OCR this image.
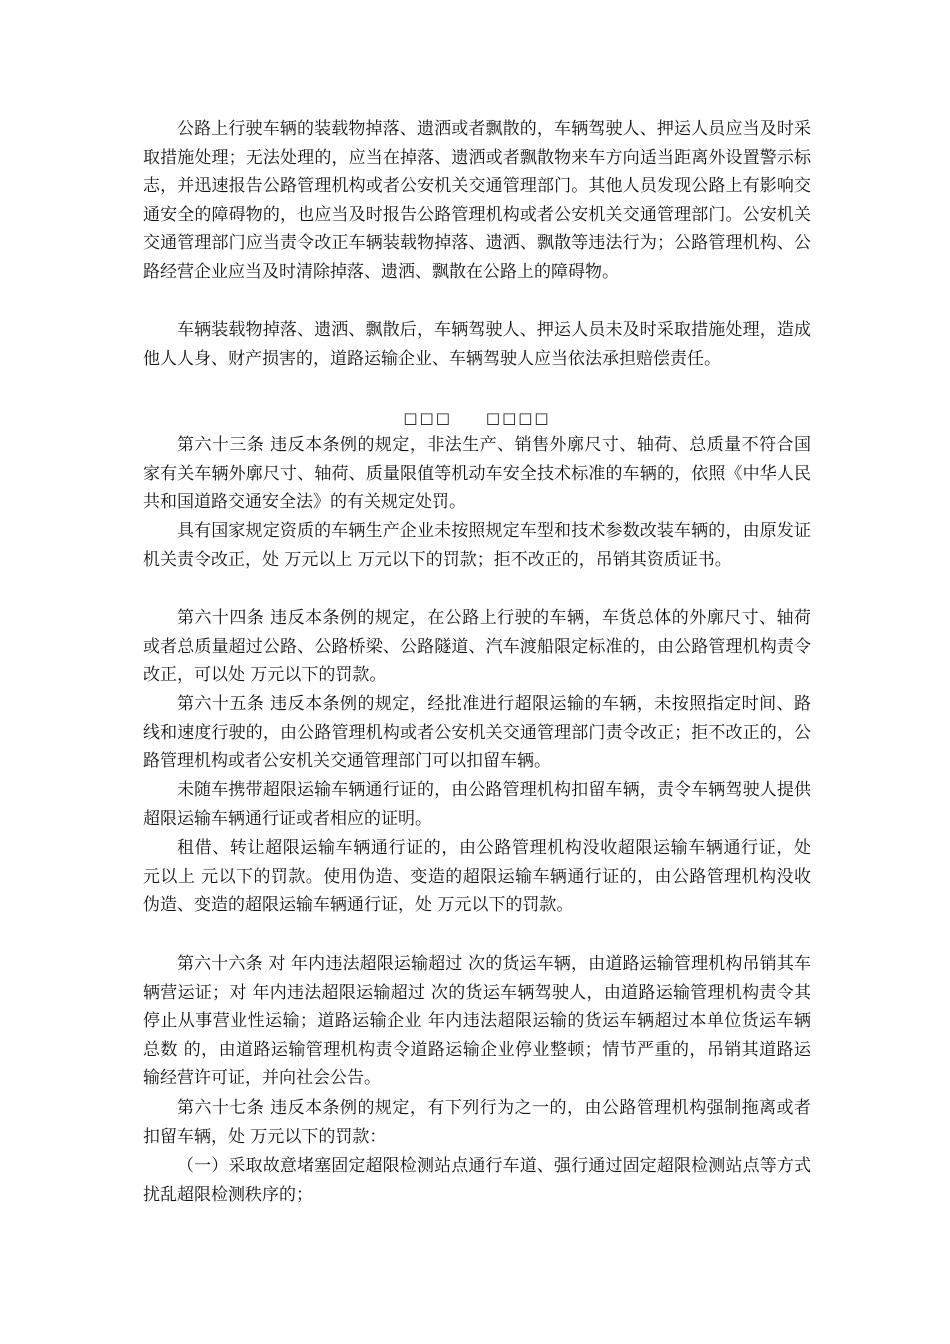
公路上行驶车辆的装载物掉落、遗洒或者飘散的，车辆驾驶人、押运人员应当及时采取措施处理；无法处理的，应当在掉落、遗洒或者飘散物来车方向适当距离外设置警示标志，并迅速报告公路管理机构或者公安机关交通管理部门。其他人员发现公路上有影响交通安全的障碍物的，也应当及时报告公路管理机构或者公安机关交通管理部门。公安机关交通管理部门应当责令改正车辆装载物掉落、遗洒、飘散等违法行为；公路管理机构、公路经营企业应当及时清除掉落、遗洒、飘散在公路上的障碍物。

车辆装载物掉落、遗洒、飘散后，车辆驾驶人、押运人员未及时采取措施处理，造成他人人身、财产损害的，道路运输企业、车辆驾驶人应当依法承担赔偿责任。

□□□ □□□□

第六十三条 违反本条例的规定，非法生产、销售外廓尺寸、轴荷、总质量不符合国家有关车辆外廓尺寸、轴荷、质量限值等机动车安全技术标准的车辆的，依照《中华人民共和国道路交通安全法》的有关规定处罚。

具有国家规定资质的车辆生产企业未按照规定车型和技术参数改装车辆的，由原发证机关责令改正，处 万元以上 万元以下的罚款；拒不改正的，吊销其资质证书。

第六十四条 违反本条例的规定，在公路上行驶的车辆，车货总体的外廓尺寸、轴荷或者总质量超过公路、公路桥梁、公路隧道、汽车渡船限定标准的，由公路管理机构责令改正，可以处 万元以下的罚款。

第六十五条 违反本条例的规定，经批准进行超限运输的车辆，未按照指定时间、路线和速度行驶的，由公路管理机构或者公安机关交通管理部门责令改正；拒不改正的，公路管理机构或者公安机关交通管理部门可以扣留车辆。

未随车携带超限运输车辆通行证的，由公路管理机构扣留车辆，责令车辆驾驶人提供超限运输车辆通行证或者相应的证明。

租借、转让超限运输车辆通行证的，由公路管理机构没收超限运输车辆通行证，处 元以上 元以下的罚款。使用伪造、变造的超限运输车辆通行证的，由公路管理机构没收伪造、变造的超限运输车辆通行证，处 万元以下的罚款。

第六十六条 对 年内违法超限运输超过 次的货运车辆，由道路运输管理机构吊销其车辆营运证；对 年内违法超限运输超过 次的货运车辆驾驶人，由道路运输管理机构责令其停止从事营业性运输；道路运输企业 年内违法超限运输的货运车辆超过本单位货运车辆总数 的，由道路运输管理机构责令道路运输企业停业整顿；情节严重的，吊销其道路运输经营许可证，并向社会公告。

第六十七条 违反本条例的规定，有下列行为之一的，由公路管理机构强制拖离或者扣留车辆，处 万元以下的罚款：

（一）采取故意堵塞固定超限检测站点通行车道、强行通过固定超限检测站点等方式扰乱超限检测秩序的；
